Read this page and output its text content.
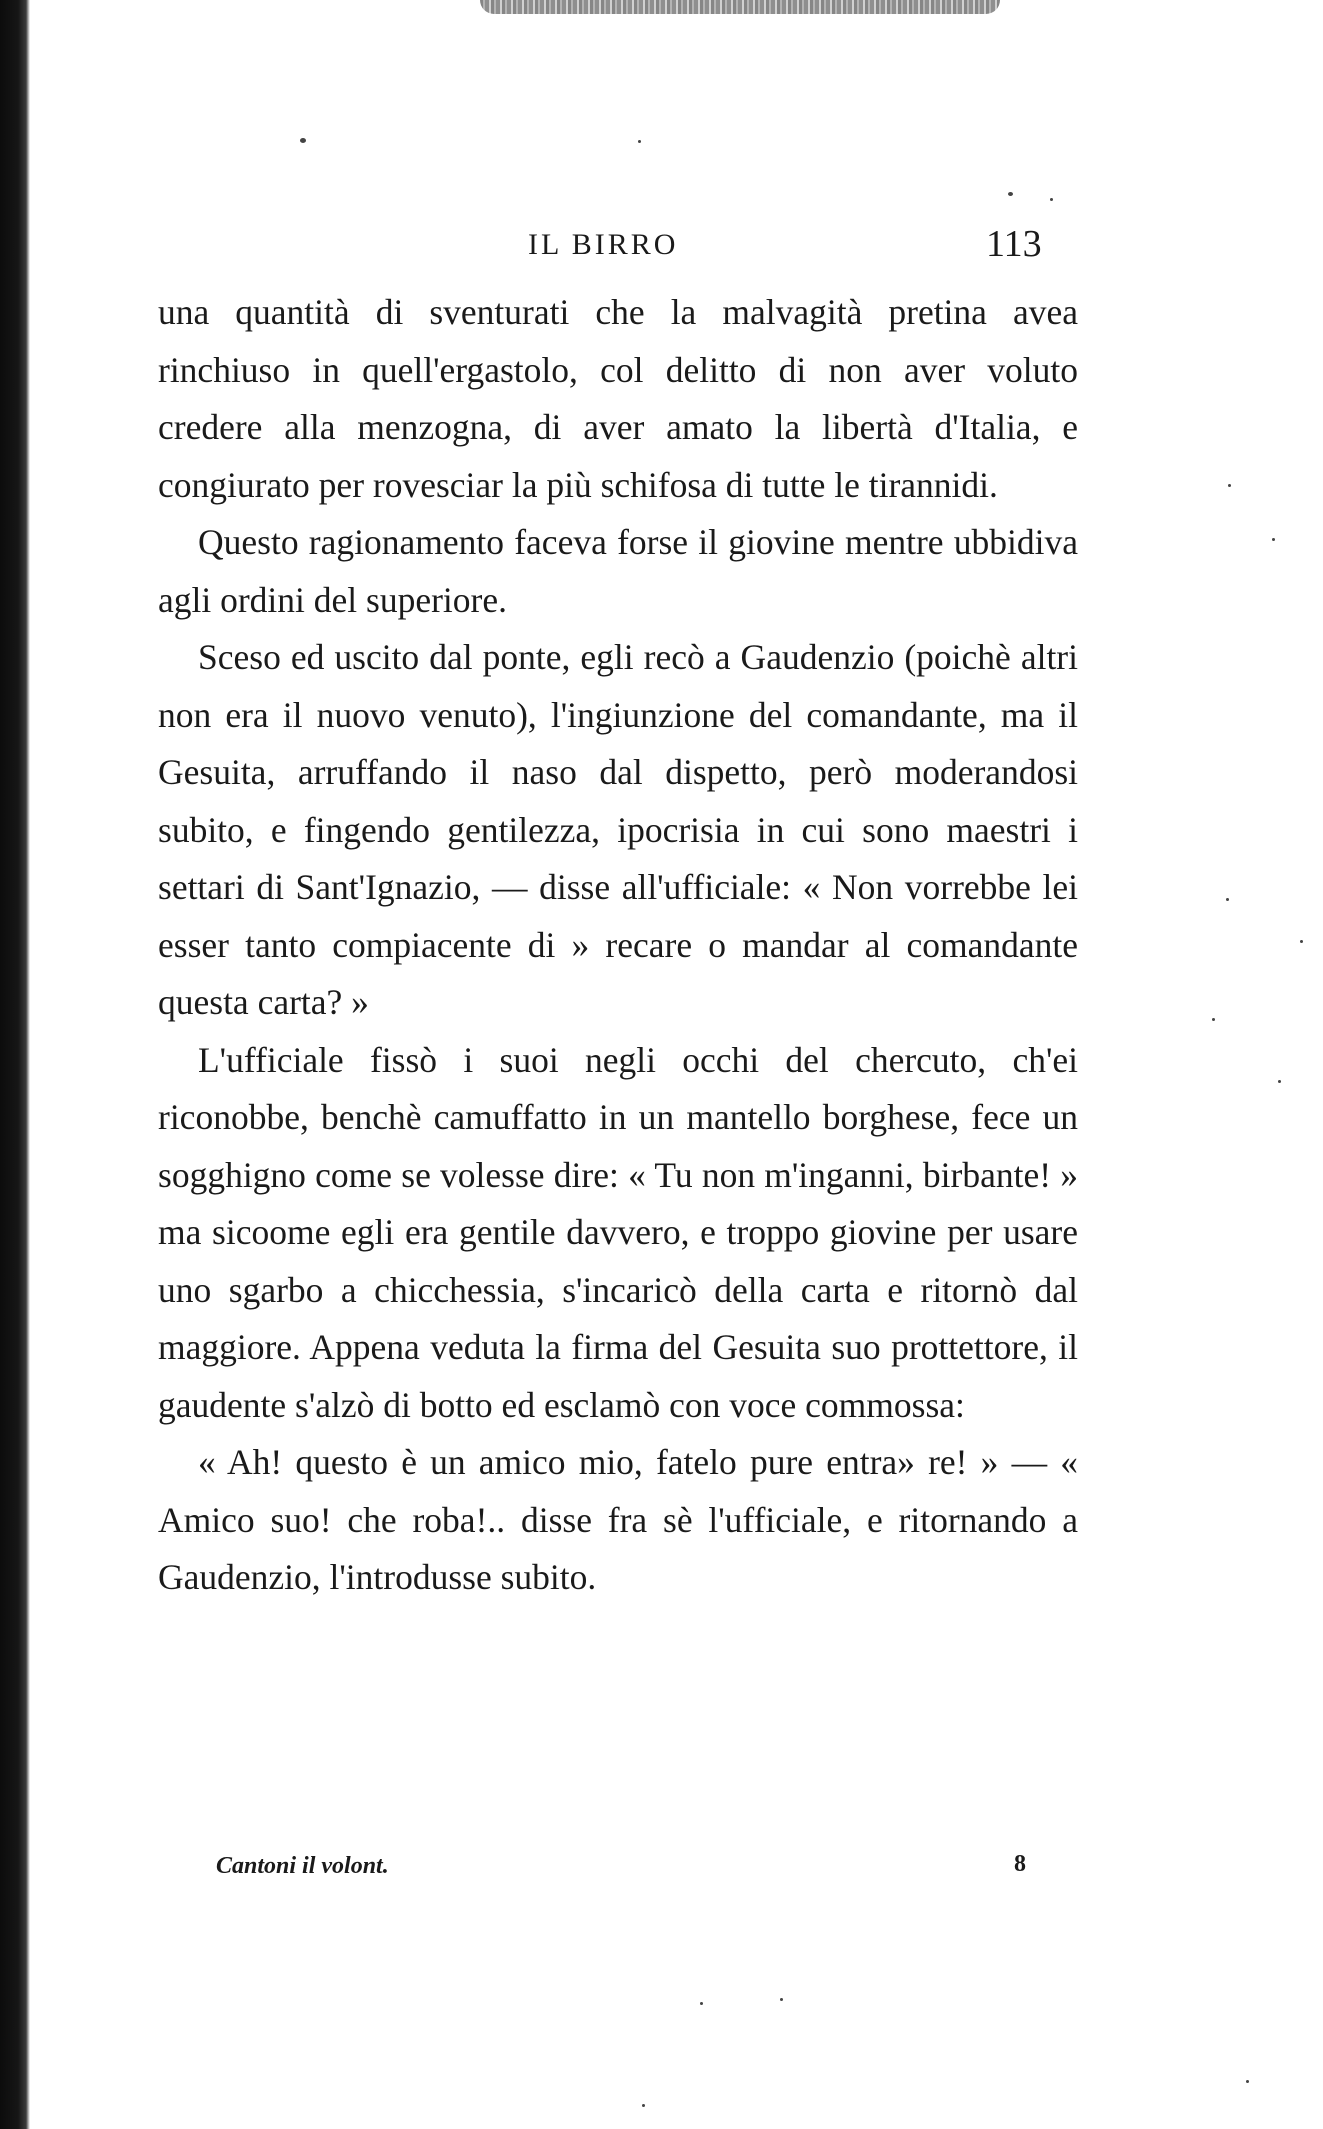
IL BIRRO	113

una quantità di sventurati che la malvagità pretina avea rinchiuso in quell'ergastolo, col delitto di non aver voluto credere alla menzogna, di aver amato la libertà d'Italia, e congiurato per rovesciar la più schifosa di tutte le tirannidi.

Questo ragionamento faceva forse il giovine mentre ubbidiva agli ordini del superiore.

Sceso ed uscito dal ponte, egli recò a Gaudenzio (poichè altri non era il nuovo venuto), l'ingiunzione del comandante, ma il Gesuita, arruffando il naso dal dispetto, però moderandosi subito, e fingendo gentilezza, ipocrisia in cui sono maestri i settari di Sant'Ignazio, — disse all'ufficiale: « Non vorrebbe lei esser tanto compiacente di » recare o mandar al comandante questa carta? »

L'ufficiale fissò i suoi negli occhi del chercuto, ch'ei riconobbe, benchè camuffatto in un mantello borghese, fece un sogghigno come se volesse dire: « Tu non m'inganni, birbante! » ma sicoome egli era gentile davvero, e troppo giovine per usare uno sgarbo a chicchessia, s'incaricò della carta e ritornò dal maggiore. Appena veduta la firma del Gesuita suo prottettore, il gaudente s'alzò di botto ed esclamò con voce commossa:

« Ah! questo è un amico mio, fatelo pure entra» re! » — « Amico suo! che roba!.. disse fra sè l'ufficiale, e ritornando a Gaudenzio, l'introdusse subito.

Cantoni il volont.	8
